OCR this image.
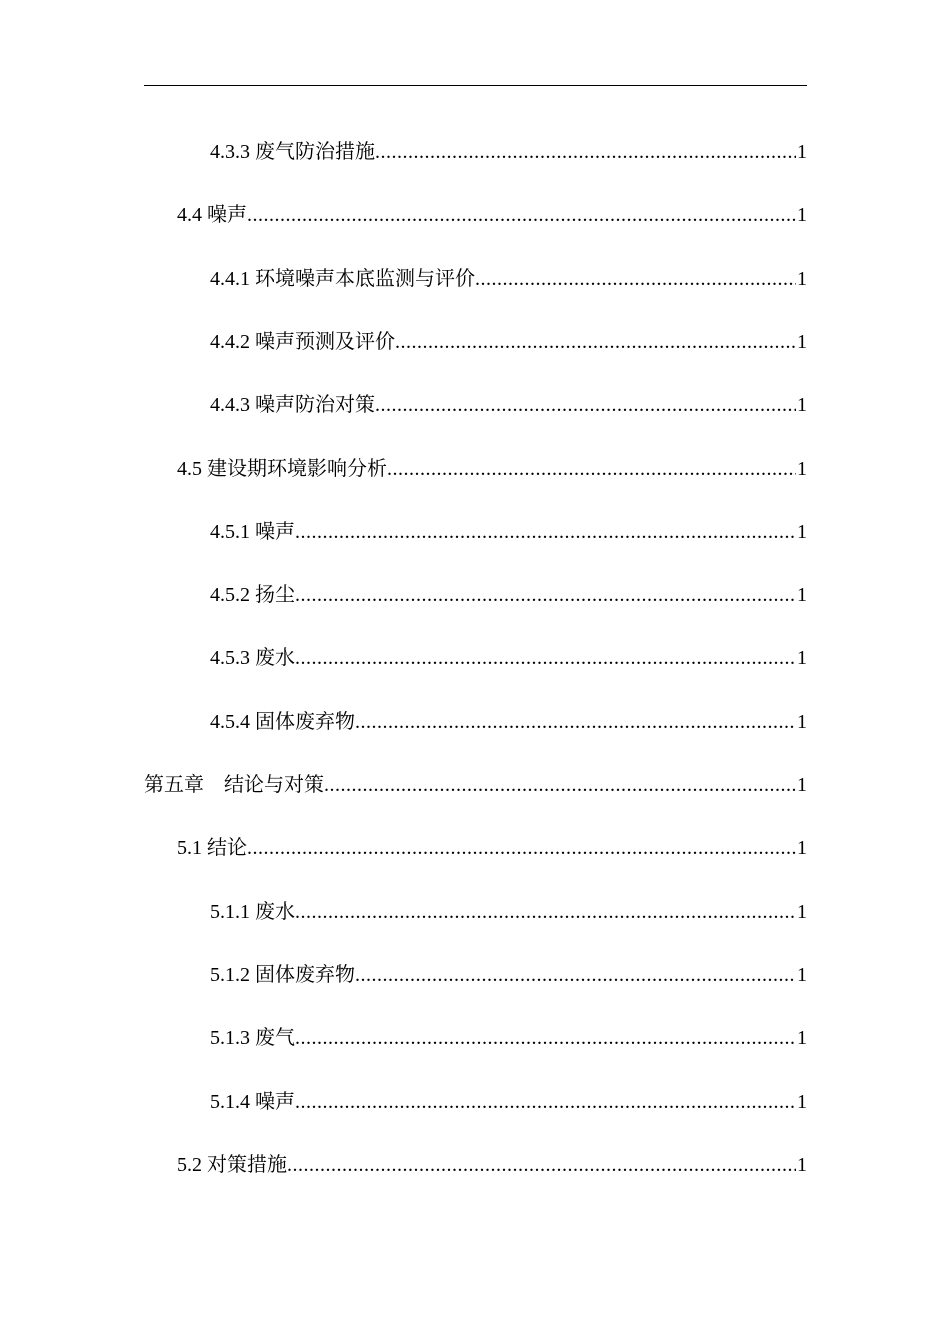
4.3.3 废气防治措施 .....	1
4.4 噪声 .....	1
4.4.1 环境噪声本底监测与评价 .....	1
4.4.2 噪声预测及评价 .....	1
4.4.3 噪声防治对策 .....	1
4.5 建设期环境影响分析 .....	1
4.5.1 噪声 .....	1
4.5.2 扬尘 .....	1
4.5.3 废水 .....	1
4.5.4 固体废弃物 .....	1
第五章    结论与对策 .....	1
5.1 结论 .....	1
5.1.1 废水 .....	1
5.1.2 固体废弃物 .....	1
5.1.3 废气 .....	1
5.1.4 噪声 .....	1
5.2 对策措施 .....	1
